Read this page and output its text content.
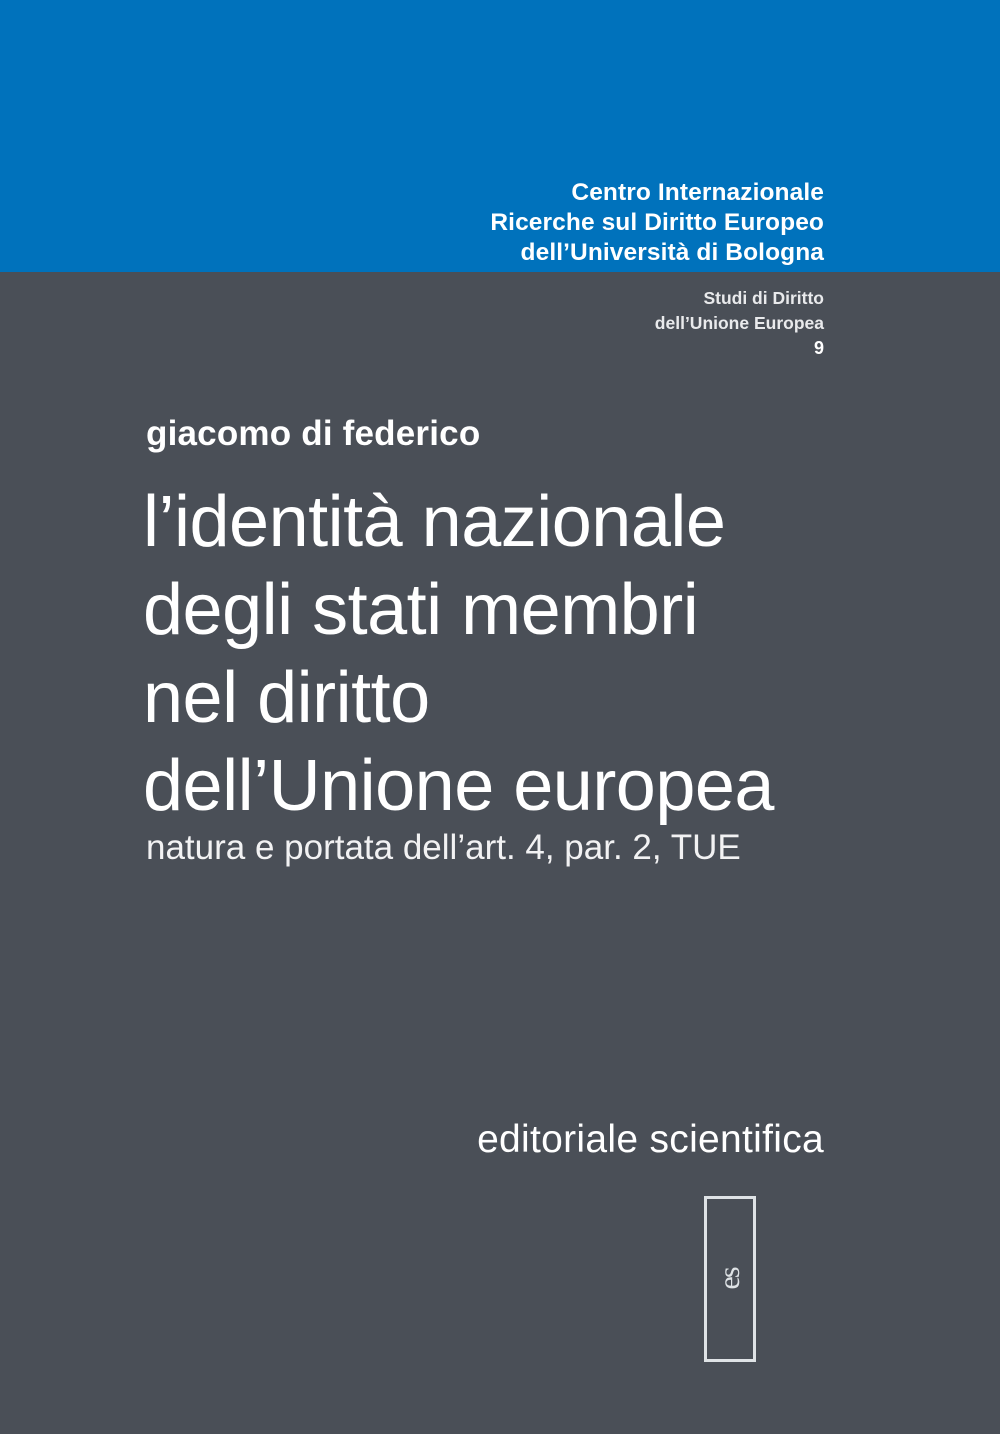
Centro Internazionale
Ricerche sul Diritto Europeo
dell’Università di Bologna
Studi di Diritto
dell’Unione Europea
9
giacomo di federico
l’identità nazionale
degli stati membri
nel diritto
dell’Unione europea
natura e portata dell’art. 4, par. 2, TUE
editoriale scientifica
es
